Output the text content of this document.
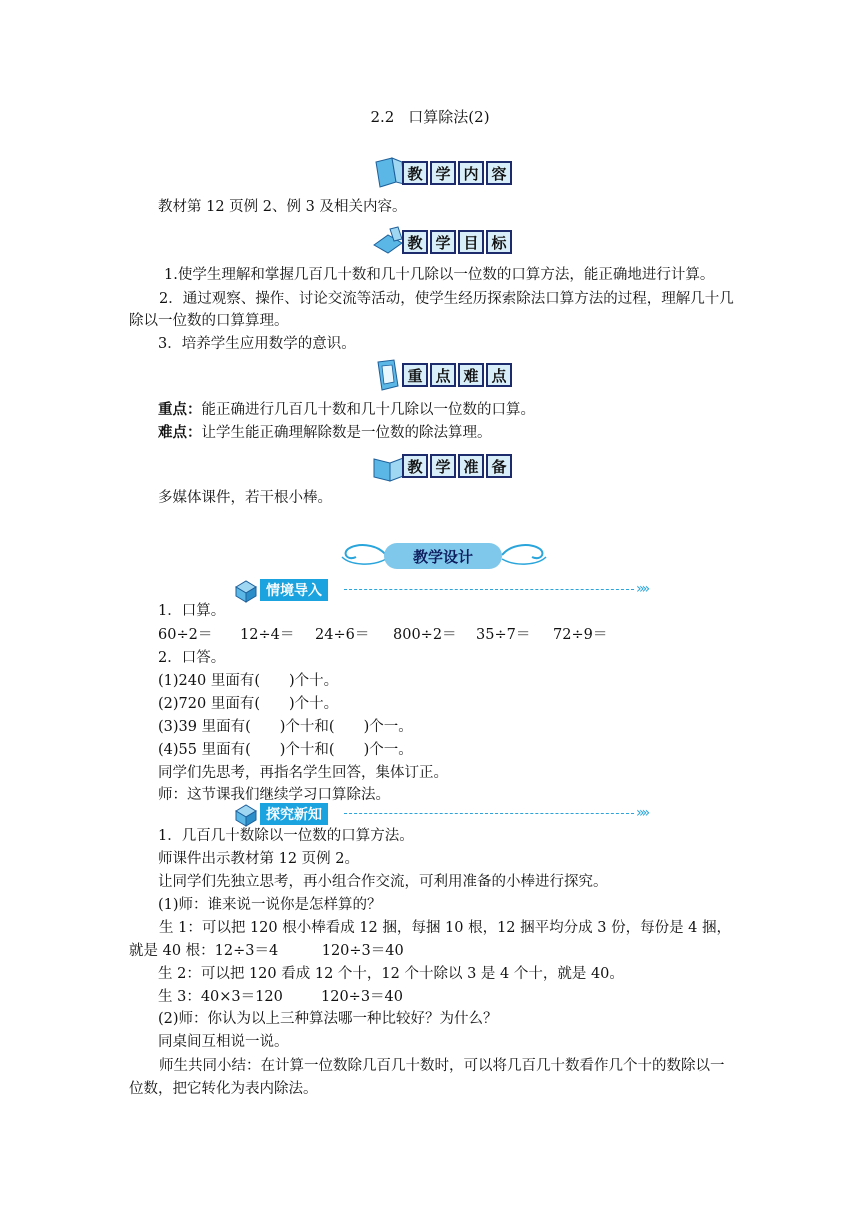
2.2 口算除法(2)
教 学 内 容
教材第 12 页例 2、例 3 及相关内容。
教 学 目 标
1.使学生理解和掌握几百几十数和几十几除以一位数的口算方法，能正确地进行计算。
2．通过观察、操作、讨论交流等活动，使学生经历探索除法口算方法的过程，理解几十几除以一位数的口算算理。
3．培养学生应用数学的意识。
重 点 难 点
重点：能正确进行几百几十数和几十几除以一位数的口算。
难点：让学生能正确理解除数是一位数的除法算理。
教 学 准 备
多媒体课件，若干根小棒。
教学设计
情境导入	»»
1．口算。
60÷2＝ 12÷4＝ 24÷6＝ 800÷2＝ 35÷7＝ 72÷9＝
2．口答。
(1)240 里面有(　　)个十。
(2)720 里面有(　　)个十。
(3)39 里面有(　　)个十和(　　)个一。
(4)55 里面有(　　)个十和(　　)个一。
同学们先思考，再指名学生回答，集体订正。
师：这节课我们继续学习口算除法。
探究新知	»»
1．几百几十数除以一位数的口算方法。
师课件出示教材第 12 页例 2。
让同学们先独立思考，再小组合作交流，可利用准备的小棒进行探究。
(1)师：谁来说一说你是怎样算的？
生 1：可以把 120 根小棒看成 12 捆，每捆 10 根，12 捆平均分成 3 份，每份是 4 捆，就是 40 根：12÷3＝4　　　120÷3＝40
生 2：可以把 120 看成 12 个十，12 个十除以 3 是 4 个十，就是 40。
生 3：40×3＝120	120÷3＝40
(2)师：你认为以上三种算法哪一种比较好？为什么？
同桌间互相说一说。
师生共同小结：在计算一位数除几百几十数时，可以将几百几十数看作几个十的数除以一位数，把它转化为表内除法。
